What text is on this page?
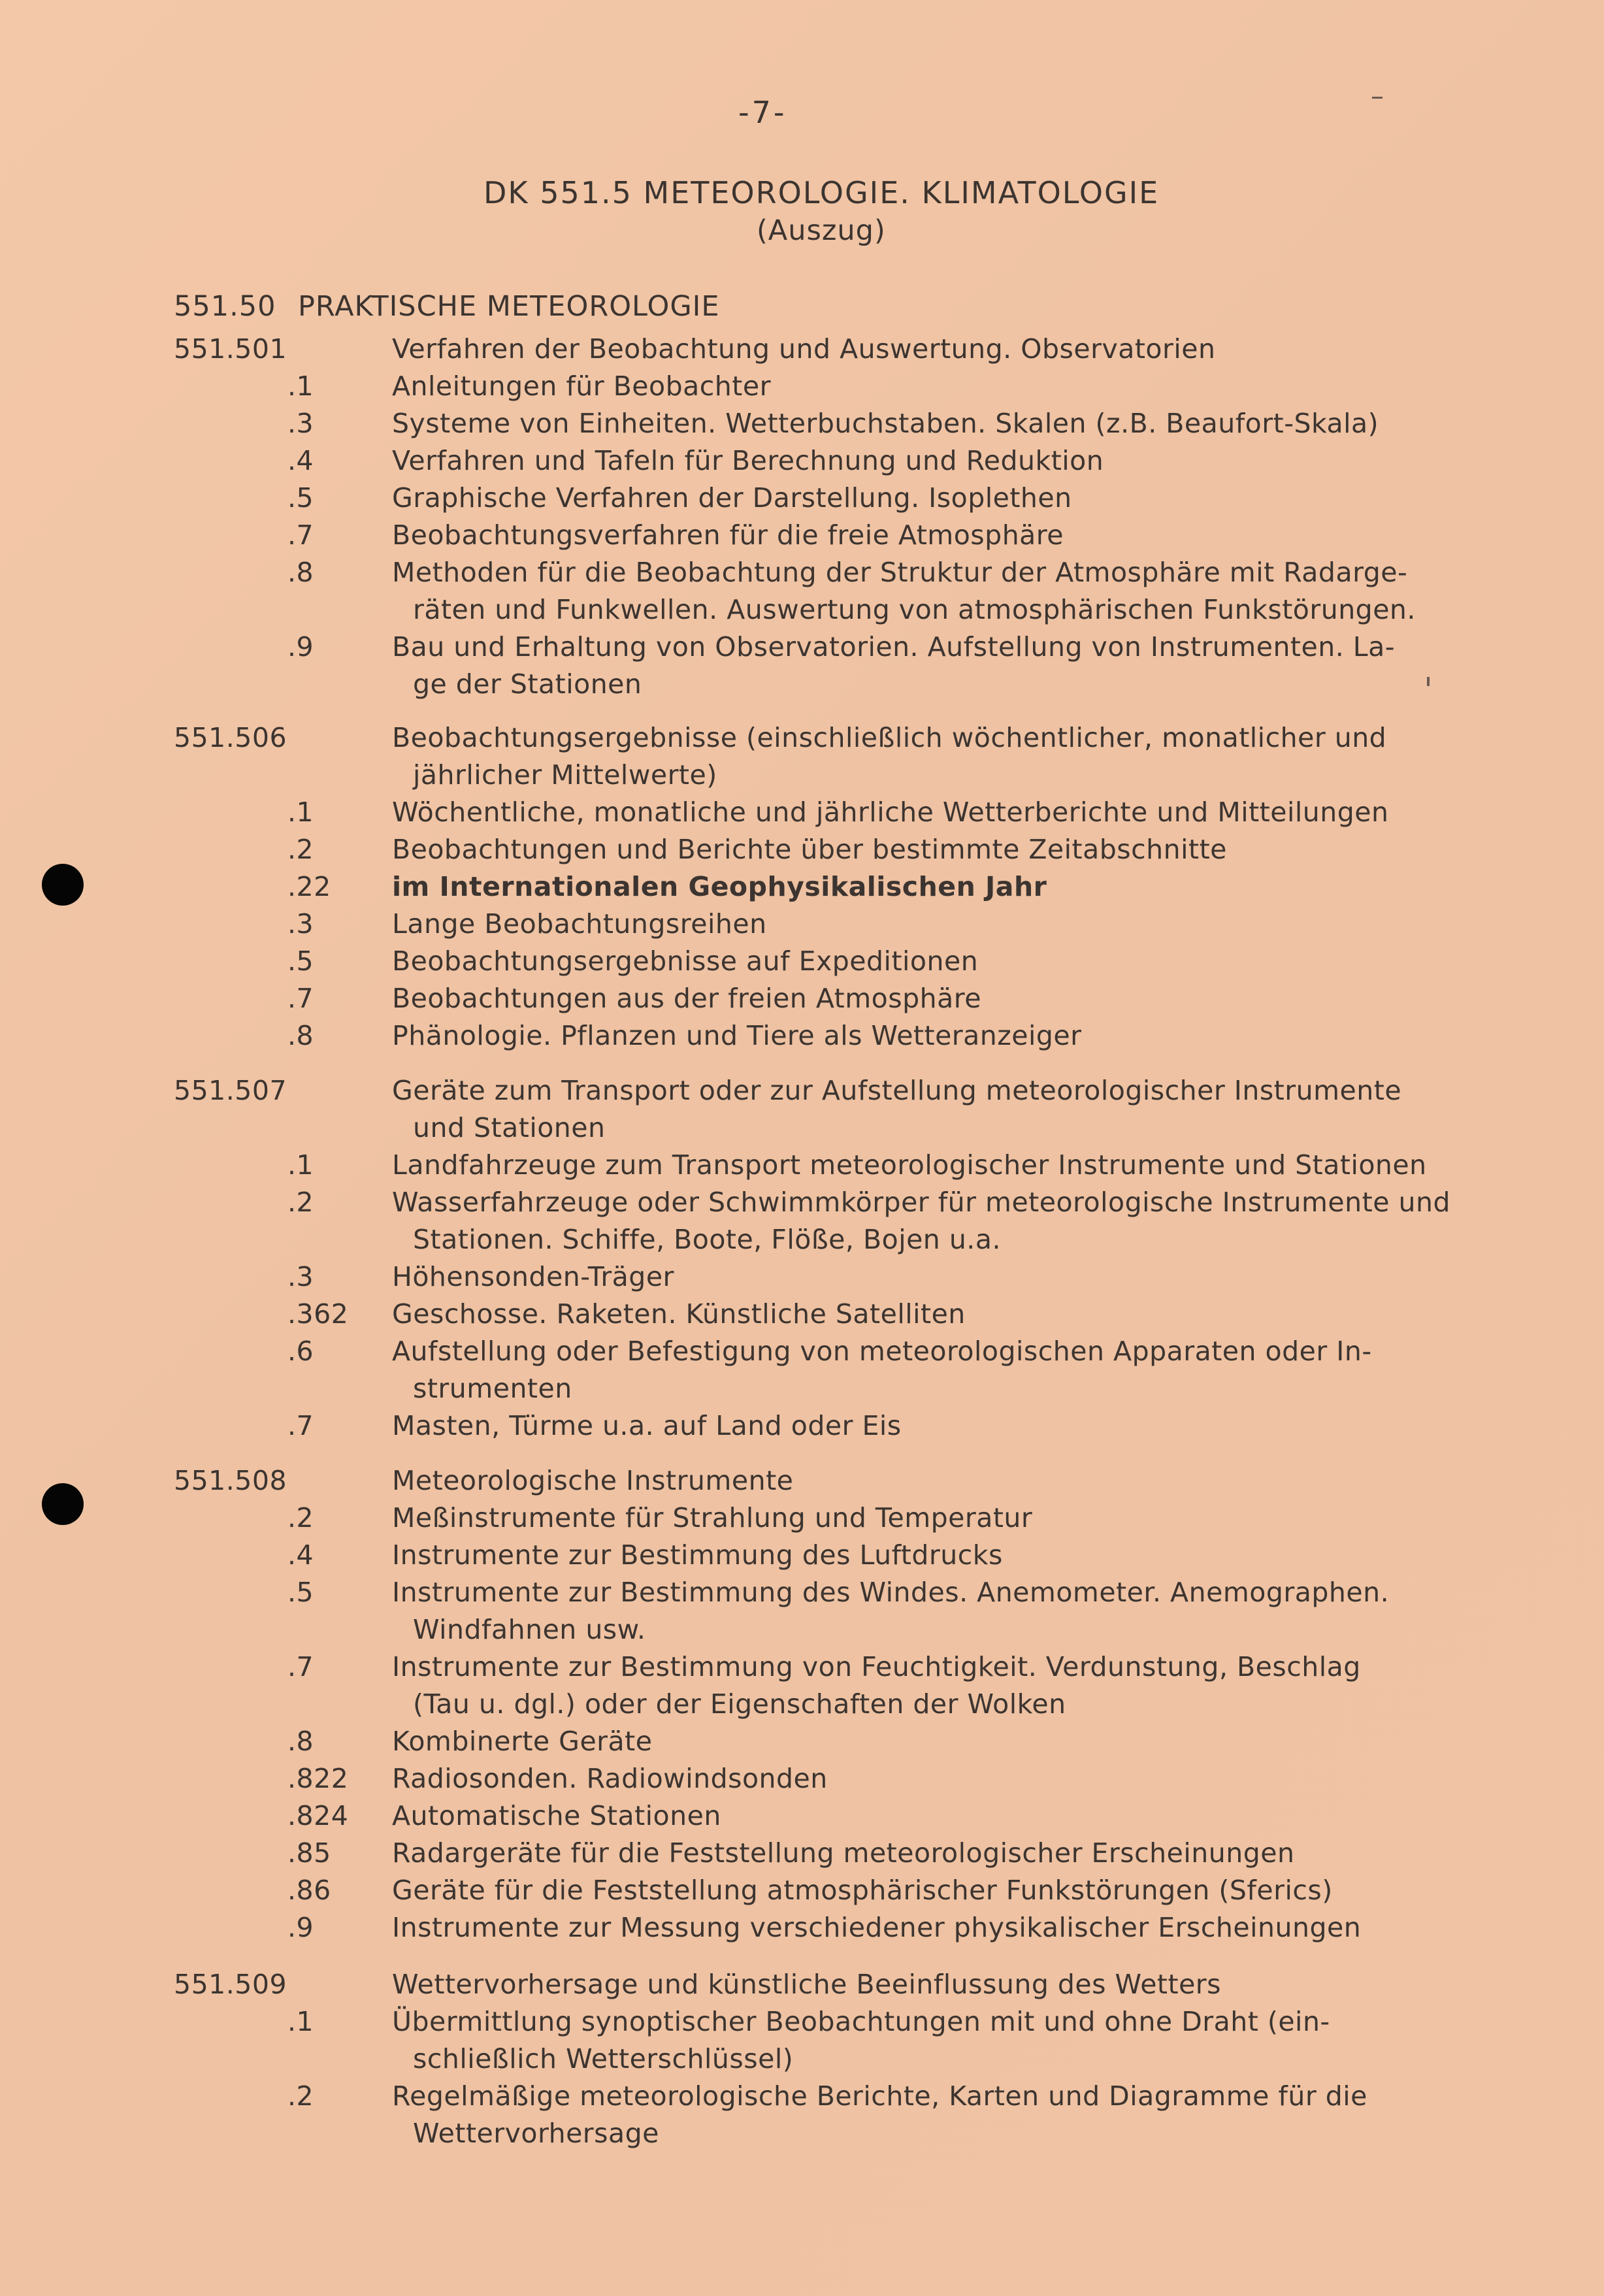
-7-
DK 551.5 METEOROLOGIE. KLIMATOLOGIE
(Auszug)
551.50 PRAKTISCHE METEOROLOGIE
551.501	Verfahren der Beobachtung und Auswertung. Observatorien
.1	Anleitungen für Beobachter
.3	Systeme von Einheiten. Wetterbuchstaben. Skalen (z.B. Beaufort-Skala)
.4	Verfahren und Tafeln für Berechnung und Reduktion
.5	Graphische Verfahren der Darstellung. Isoplethen
.7	Beobachtungsverfahren für die freie Atmosphäre
.8	Methoden für die Beobachtung der Struktur der Atmosphäre mit Radarge-
räten und Funkwellen. Auswertung von atmosphärischen Funkstörungen.
.9	Bau und Erhaltung von Observatorien. Aufstellung von Instrumenten. La-
ge der Stationen
551.506	Beobachtungsergebnisse (einschließlich wöchentlicher, monatlicher und
jährlicher Mittelwerte)
.1	Wöchentliche, monatliche und jährliche Wetterberichte und Mitteilungen
.2	Beobachtungen und Berichte über bestimmte Zeitabschnitte
.22 im Internationalen Geophysikalischen Jahr
.3	Lange Beobachtungsreihen
.5	Beobachtungsergebnisse auf Expeditionen
.7	Beobachtungen aus der freien Atmosphäre
.8	Phänologie. Pflanzen und Tiere als Wetteranzeiger
551.507	Geräte zum Transport oder zur Aufstellung meteorologischer Instrumente
und Stationen
.1	Landfahrzeuge zum Transport meteorologischer Instrumente und Stationen
.2	Wasserfahrzeuge oder Schwimmkörper für meteorologische Instrumente und
Stationen. Schiffe, Boote, Flöße, Bojen u.a.
.3	Höhensonden-Träger
.362 Geschosse. Raketen. Künstliche Satelliten
.6	Aufstellung oder Befestigung von meteorologischen Apparaten oder In-
strumenten
.7	Masten, Türme u.a. auf Land oder Eis
551.508	Meteorologische Instrumente
.2	Meßinstrumente für Strahlung und Temperatur
.4	Instrumente zur Bestimmung des Luftdrucks
.5	Instrumente zur Bestimmung des Windes. Anemometer. Anemographen.
Windfahnen usw.
.7	Instrumente zur Bestimmung von Feuchtigkeit. Verdunstung, Beschlag
(Tau u. dgl.) oder der Eigenschaften der Wolken
.8	Kombinerte Geräte
.822 Radiosonden. Radiowindsonden
.824 Automatische Stationen
.85 Radargeräte für die Feststellung meteorologischer Erscheinungen
.86 Geräte für die Feststellung atmosphärischer Funkstörungen (Sferics)
.9	Instrumente zur Messung verschiedener physikalischer Erscheinungen
551.509	Wettervorhersage und künstliche Beeinflussung des Wetters
.1	Übermittlung synoptischer Beobachtungen mit und ohne Draht (ein-
schließlich Wetterschlüssel)
.2	Regelmäßige meteorologische Berichte, Karten und Diagramme für die
Wettervorhersage
